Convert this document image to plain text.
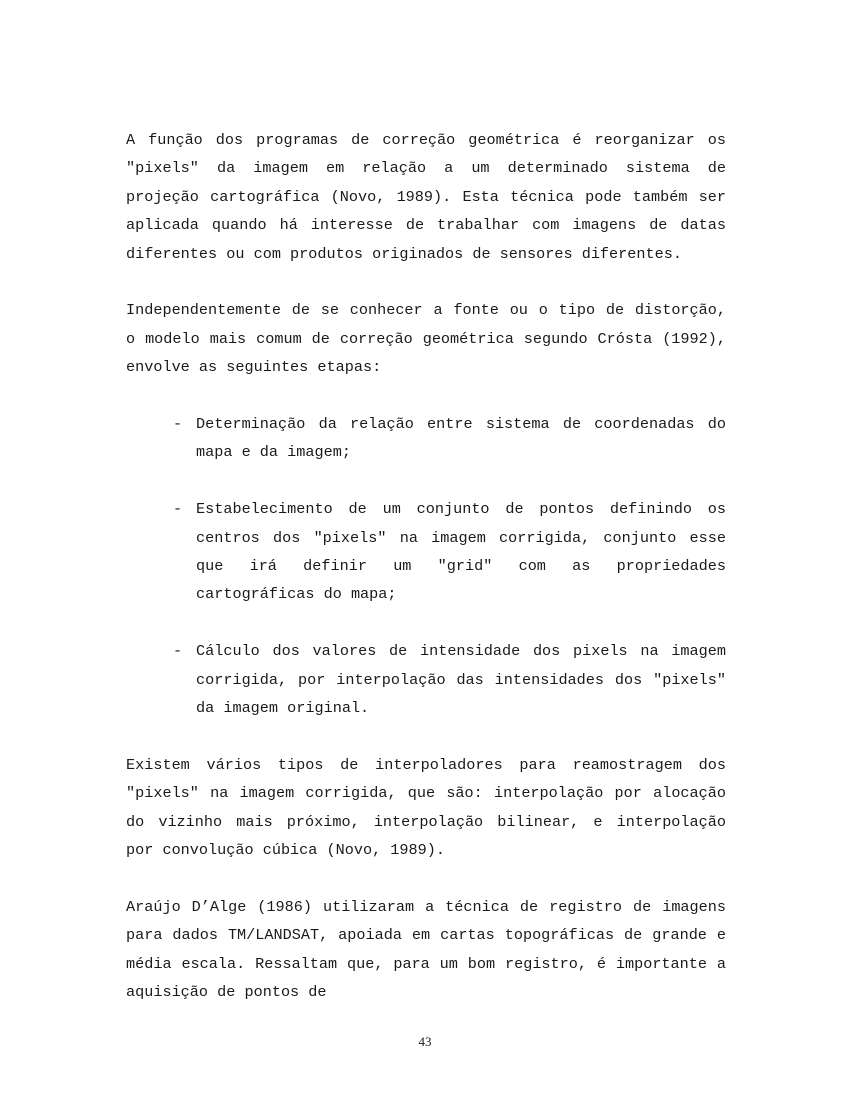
A função dos programas de correção geométrica é reorganizar os "pixels" da imagem em relação a um determinado sistema de projeção cartográfica (Novo, 1989). Esta técnica pode também ser aplicada quando há interesse de trabalhar com imagens de datas diferentes ou com produtos originados de sensores diferentes.

Independentemente de se conhecer a fonte ou o tipo de distorção, o modelo mais comum de correção geométrica segundo Crósta (1992), envolve as seguintes etapas:

- Determinação da relação entre sistema de coordenadas do mapa e da imagem;
- Estabelecimento de um conjunto de pontos definindo os centros dos "pixels" na imagem corrigida, conjunto esse que irá definir um "grid" com as propriedades cartográficas do mapa;
- Cálculo dos valores de intensidade dos pixels na imagem corrigida, por interpolação das intensidades dos "pixels" da imagem original.

Existem vários tipos de interpoladores para reamostragem dos "pixels" na imagem corrigida, que são: interpolação por alocação do vizinho mais próximo, interpolação bilinear, e interpolação por convolução cúbica (Novo, 1989).

Araújo D’Alge (1986) utilizaram a técnica de registro de imagens para dados TM/LANDSAT, apoiada em cartas topográficas de grande e média escala. Ressaltam que, para um bom registro, é importante a aquisição de pontos de

43
